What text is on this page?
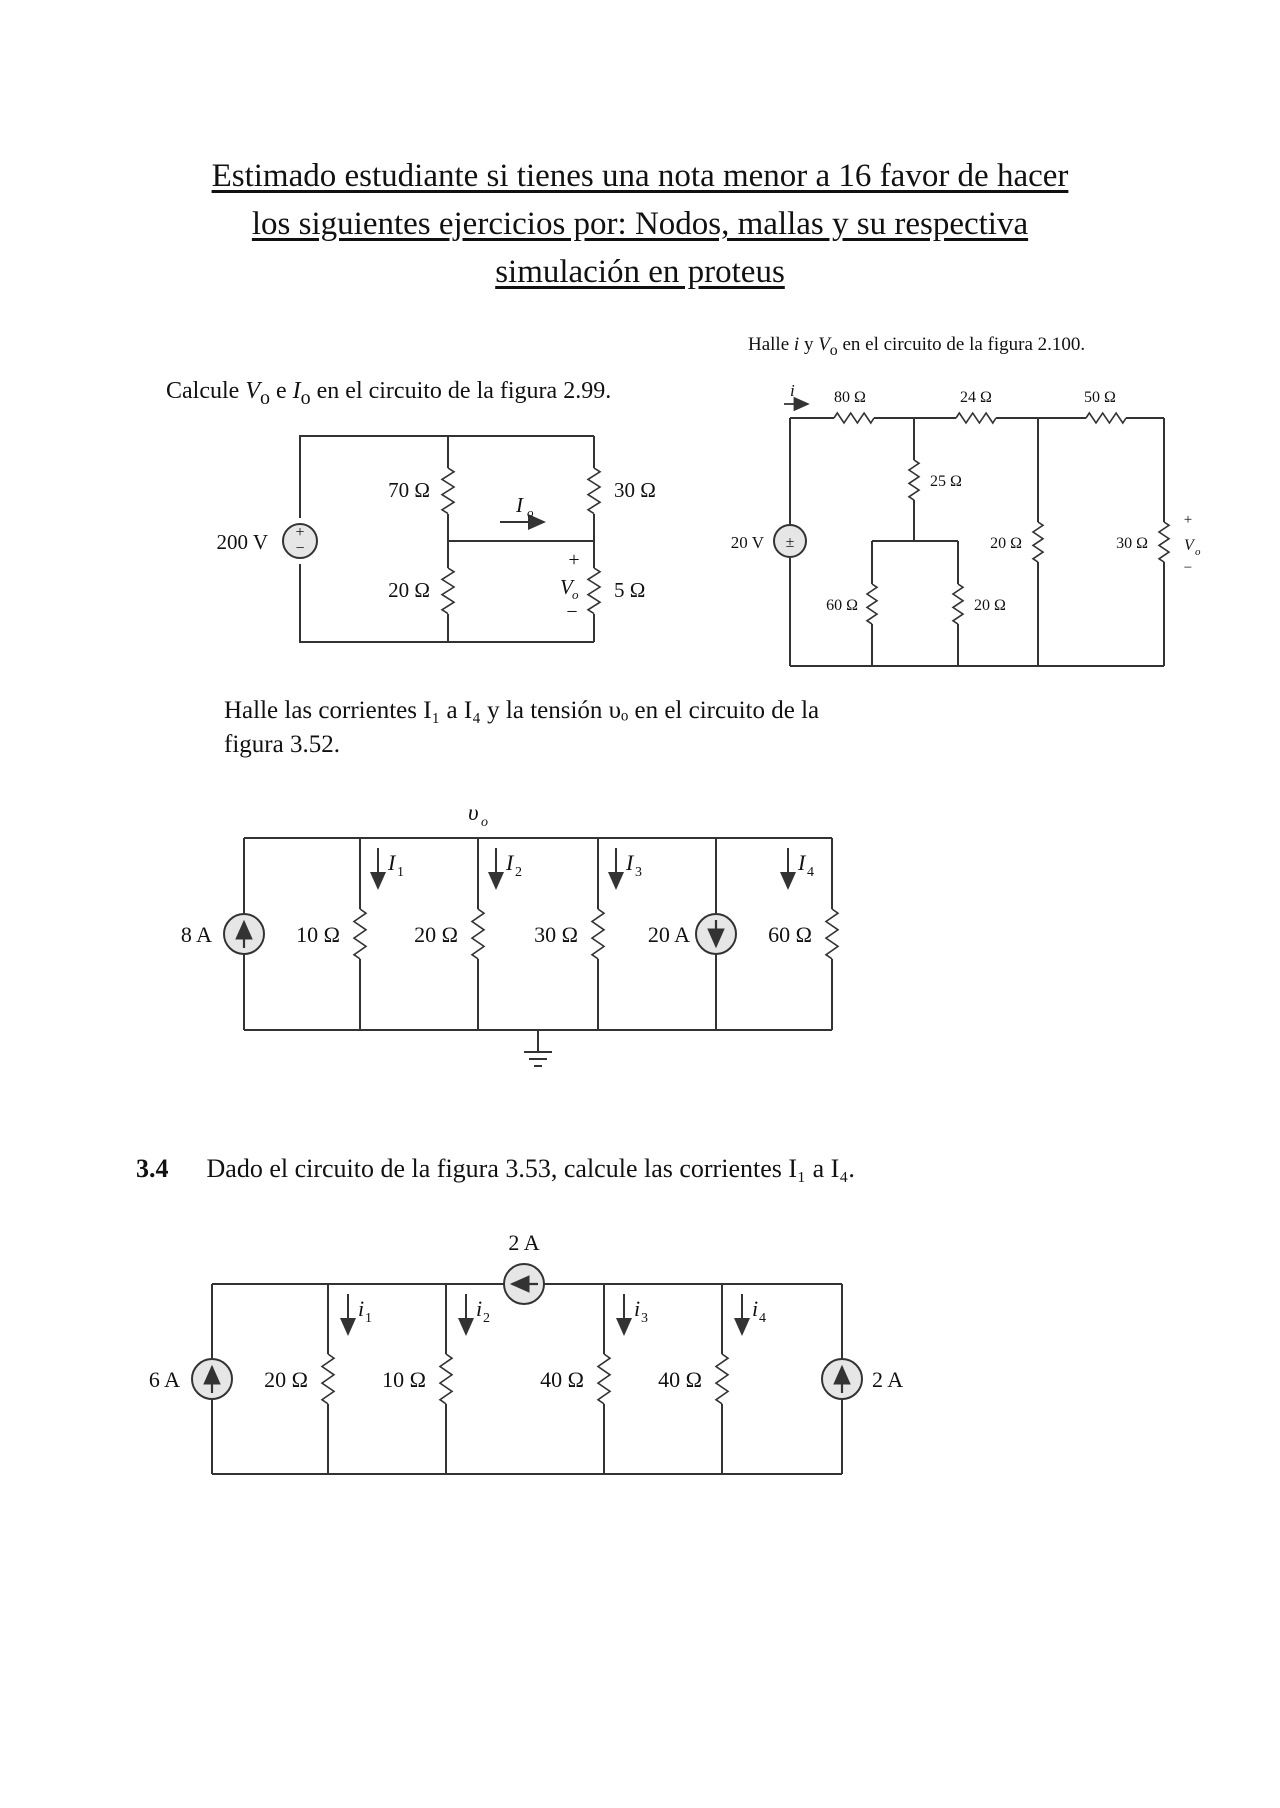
Estimado estudiante si tienes una nota menor a 16 favor de hacer
los siguientes ejercicios por: Nodos, mallas y su respectiva
simulación en proteus
Calcule $V_o$ e $I_o$ en el circuito de la figura 2.99.
Halle i y $V_o$ en el circuito de la figura 2.100.
Halle las corrientes I₁ a I₄ y la tensión υₒ en el circuito de la
figura 3.52.
3.4 Dado el circuito de la figura 3.53, calcule las corrientes I₁ a I₄.
+
−
200 V
70 Ω
20 Ω
30 Ω
5 Ω
I o
+
V o
−
±
20 V
i 80 Ω	24 Ω	50 Ω
25 Ω
20 Ω	30 Ω
60 Ω	20 Ω
+
V o
−
I 1	I 2	I 3	I 4
υ o
8 A	10 Ω	20 Ω	30 Ω	20 A	60 Ω
i 1	i 2	i 3	i 4
2 A
6 A	20 Ω	10 Ω	40 Ω	40 Ω	2 A
